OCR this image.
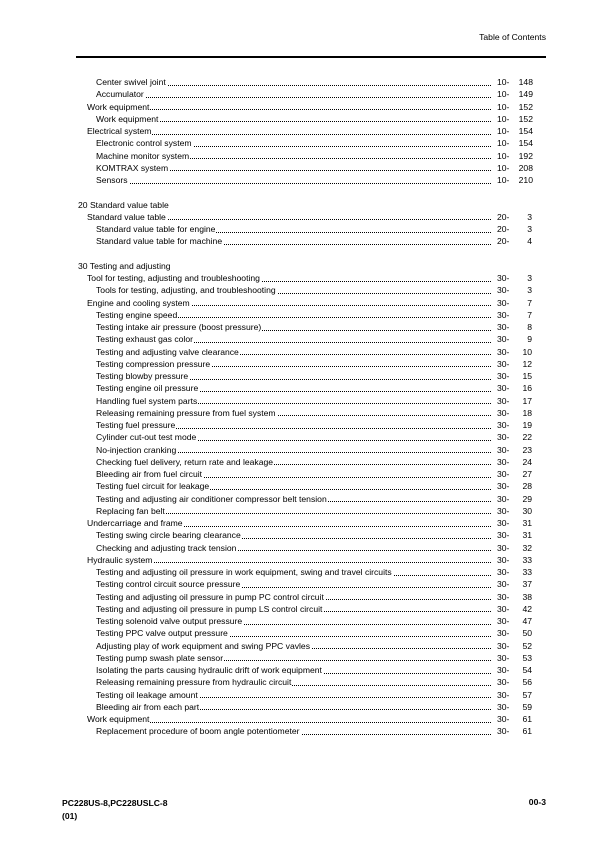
Table of Contents
Center swivel joint	10-	148
Accumulator	10-	149
Work equipment	10-	152
Work equipment	10-	152
Electrical system	10-	154
Electronic control system	10-	154
Machine monitor system	10-	192
KOMTRAX system	10-	208
Sensors	10-	210
20 Standard value table
Standard value table	20-	3
Standard value table for engine	20-	3
Standard value table for machine	20-	4
30 Testing and adjusting
Tool for testing, adjusting and troubleshooting	30-	3
Tools for testing, adjusting, and troubleshooting	30-	3
Engine and cooling system	30-	7
Testing engine speed	30-	7
Testing intake air pressure (boost pressure)	30-	8
Testing exhaust gas color	30-	9
Testing and adjusting valve clearance	30-	10
Testing compression pressure	30-	12
Testing blowby pressure	30-	15
Testing engine oil pressure	30-	16
Handling fuel system parts	30-	17
Releasing remaining pressure from fuel system	30-	18
Testing fuel pressure	30-	19
Cylinder cut-out test mode	30-	22
No-injection cranking	30-	23
Checking fuel delivery, return rate and leakage	30-	24
Bleeding air from fuel circuit	30-	27
Testing fuel circuit for leakage	30-	28
Testing and adjusting air conditioner compressor belt tension	30-	29
Replacing fan belt	30-	30
Undercarriage and frame	30-	31
Testing swing circle bearing clearance	30-	31
Checking and adjusting track tension	30-	32
Hydraulic system	30-	33
Testing and adjusting oil pressure in work equipment, swing and travel circuits	30-	33
Testing control circuit source pressure	30-	37
Testing and adjusting oil pressure in pump PC control circuit	30-	38
Testing and adjusting oil pressure in pump LS control circuit	30-	42
Testing solenoid valve output pressure	30-	47
Testing PPC valve output pressure	30-	50
Adjusting play of work equipment and swing PPC vavles	30-	52
Testing pump swash plate sensor	30-	53
Isolating the parts causing hydraulic drift of work equipment	30-	54
Releasing remaining pressure from hydraulic circuit	30-	56
Testing oil leakage amount	30-	57
Bleeding air from each part	30-	59
Work equipment	30-	61
Replacement procedure of boom angle potentiometer	30-	61
PC228US-8,PC228USLC-8
(01)
00-3
